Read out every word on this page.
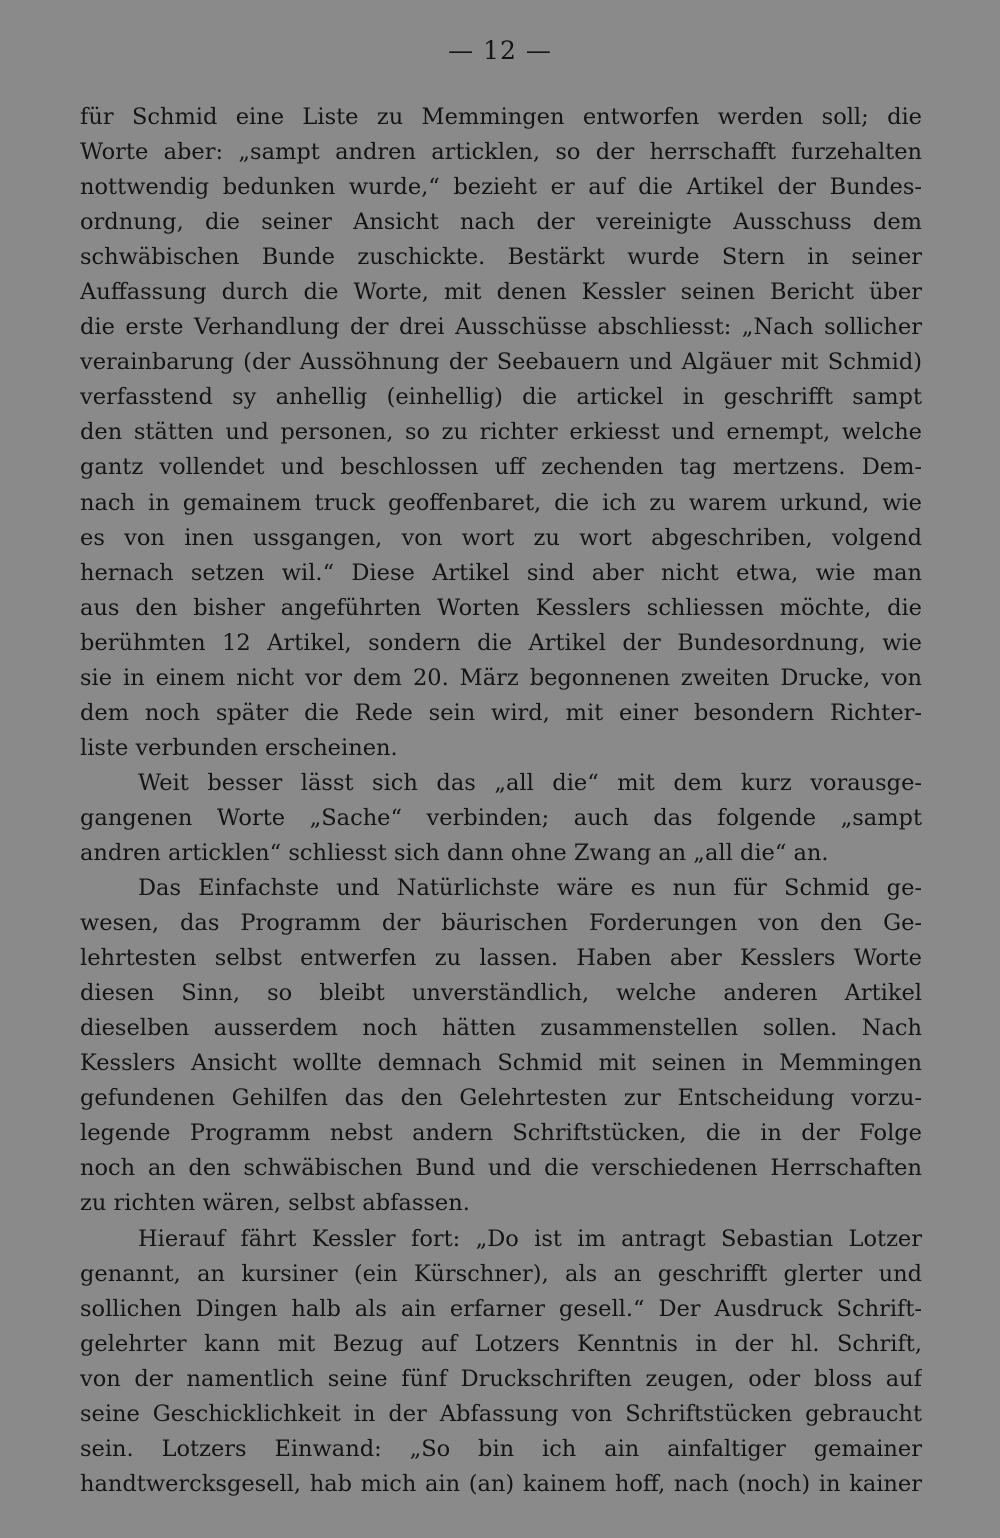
— 12 —
für Schmid eine Liste zu Memmingen entworfen werden soll; die
Worte aber: „sampt andren articklen, so der herrschafft furzehalten
nottwendig bedunken wurde,“ bezieht er auf die Artikel der Bundes-
ordnung, die seiner Ansicht nach der vereinigte Ausschuss dem
schwäbischen Bunde zuschickte. Bestärkt wurde Stern in seiner
Auffassung durch die Worte, mit denen Kessler seinen Bericht über
die erste Verhandlung der drei Ausschüsse abschliesst: „Nach sollicher
verainbarung (der Aussöhnung der Seebauern und Algäuer mit Schmid)
verfasstend sy anhellig (einhellig) die artickel in geschrifft sampt
den stätten und personen, so zu richter erkiesst und ernempt, welche
gantz vollendet und beschlossen uff zechenden tag mertzens. Dem-
nach in gemainem truck geoffenbaret, die ich zu warem urkund, wie
es von inen ussgangen, von wort zu wort abgeschriben, volgend
hernach setzen wil.“ Diese Artikel sind aber nicht etwa, wie man
aus den bisher angeführten Worten Kesslers schliessen möchte, die
berühmten 12 Artikel, sondern die Artikel der Bundesordnung, wie
sie in einem nicht vor dem 20. März begonnenen zweiten Drucke, von
dem noch später die Rede sein wird, mit einer besondern Richter-
liste verbunden erscheinen.
Weit besser lässt sich das „all die“ mit dem kurz vorausge-
gangenen Worte „Sache“ verbinden; auch das folgende „sampt
andren articklen“ schliesst sich dann ohne Zwang an „all die“ an.
Das Einfachste und Natürlichste wäre es nun für Schmid ge-
wesen, das Programm der bäurischen Forderungen von den Ge-
lehrtesten selbst entwerfen zu lassen. Haben aber Kesslers Worte
diesen Sinn, so bleibt unverständlich, welche anderen Artikel
dieselben ausserdem noch hätten zusammenstellen sollen. Nach
Kesslers Ansicht wollte demnach Schmid mit seinen in Memmingen
gefundenen Gehilfen das den Gelehrtesten zur Entscheidung vorzu-
legende Programm nebst andern Schriftstücken, die in der Folge
noch an den schwäbischen Bund und die verschiedenen Herrschaften
zu richten wären, selbst abfassen.
Hierauf fährt Kessler fort: „Do ist im antragt Sebastian Lotzer
genannt, an kursiner (ein Kürschner), als an geschrifft glerter und
sollichen Dingen halb als ain erfarner gesell.“ Der Ausdruck Schrift-
gelehrter kann mit Bezug auf Lotzers Kenntnis in der hl. Schrift,
von der namentlich seine fünf Druckschriften zeugen, oder bloss auf
seine Geschicklichkeit in der Abfassung von Schriftstücken gebraucht
sein. Lotzers Einwand: „So bin ich ain ainfaltiger gemainer
handtwercksgesell, hab mich ain (an) kainem hoff, nach (noch) in kainer
